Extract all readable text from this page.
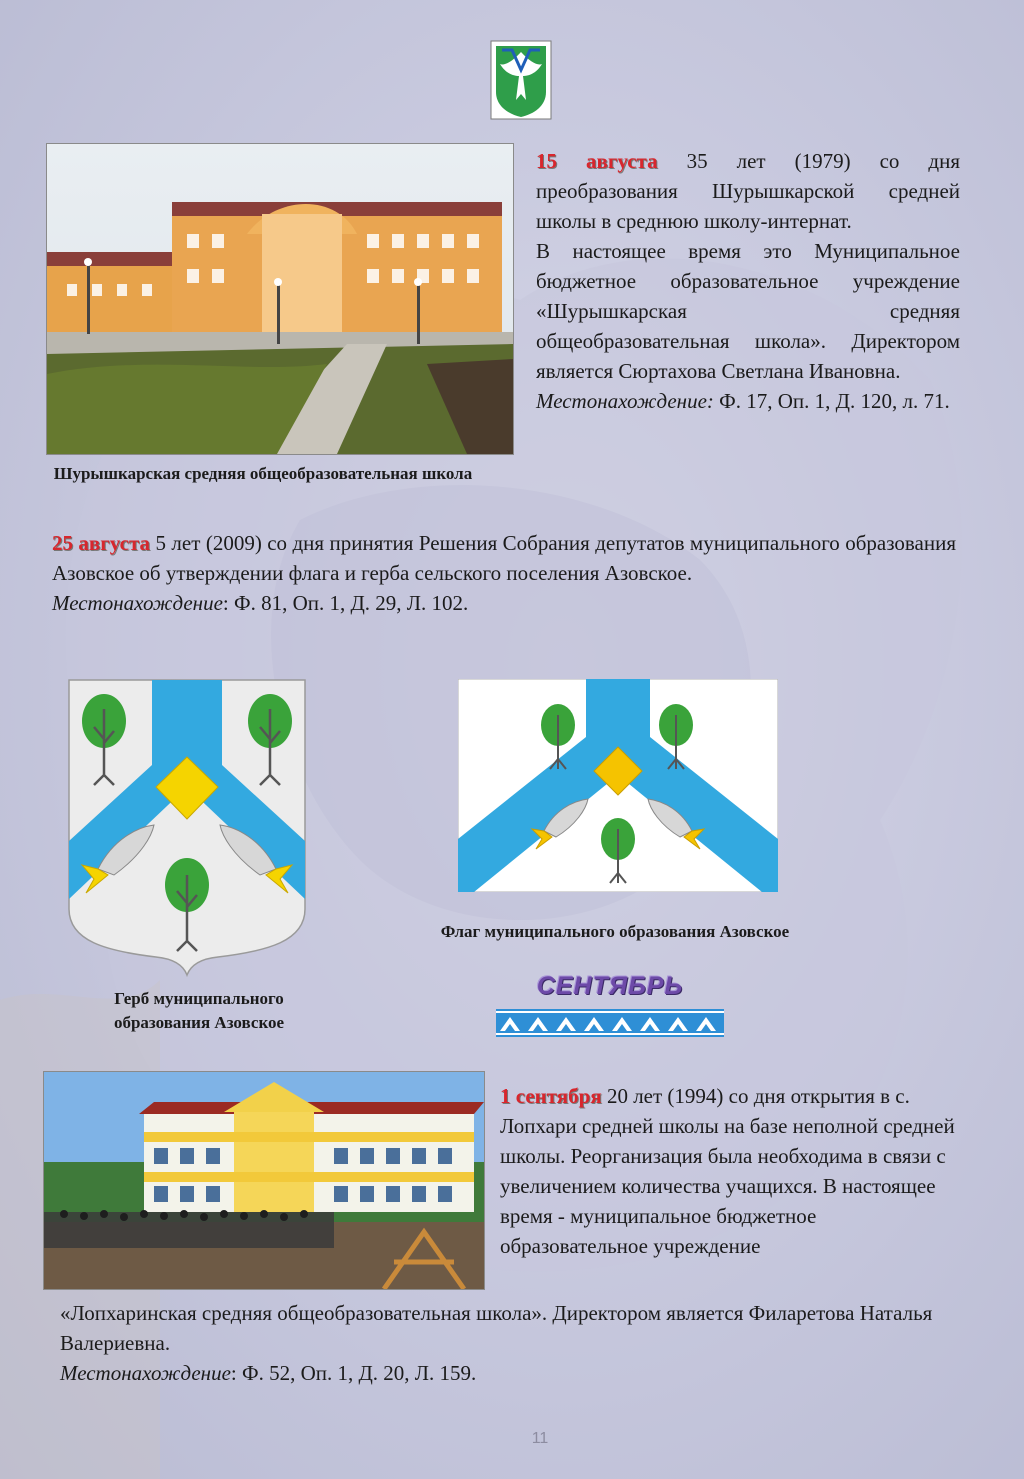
Шурышкарская средняя общеобразовательная школа
15 августа 35 лет (1979) со дня преобразования Шурышкарской средней школы в среднюю школу-интернат.
В настоящее время это Муниципальное бюджетное образовательное учреждение «Шурышкарская средняя общеобразовательная школа». Директором является Сюртахова Светлана Ивановна.
Местонахождение: Ф. 17, Оп. 1, Д. 120, л. 71.
25 августа 5 лет (2009) со дня принятия Решения Собрания депутатов муниципального образования Азовское об утверждении флага и герба сельского поселения Азовское.
Местонахождение: Ф. 81, Оп. 1, Д. 29, Л. 102.
Герб муниципального образования Азовское
Флаг муниципального образования Азовское
СЕНТЯБРЬ
1 сентября 20 лет (1994) со дня открытия в с. Лопхари средней школы на базе неполной средней школы. Реорганизация была необходима в связи с увеличением количества учащихся. В настоящее время - муниципальное бюджетное образовательное учреждение
«Лопхаринская средняя общеобразовательная школа». Директором является Филаретова Наталья Валериевна.
Местонахождение: Ф. 52, Оп. 1, Д. 20, Л. 159.
11
